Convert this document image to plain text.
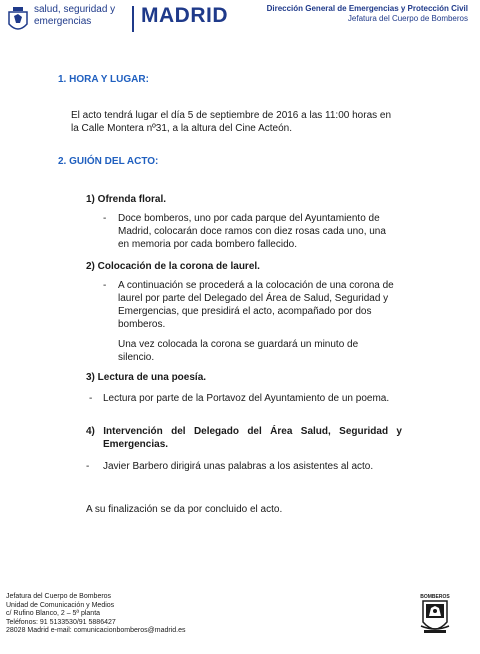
salud, seguridad y
emergencias	MADRID	Dirección General de Emergencias y Protección Civil
Jefatura del Cuerpo de Bomberos
1. HORA Y LUGAR:
El acto tendrá lugar el día 5 de septiembre de 2016 a las 11:00 horas en
la Calle Montera nº31, a la altura del Cine Acteón.
2. GUIÓN DEL ACTO:
1) Ofrenda floral.
- Doce bomberos, uno por cada parque del Ayuntamiento de
Madrid, colocarán doce ramos con diez rosas cada uno, una
en memoria por cada bombero fallecido.
2) Colocación de la corona de laurel.
- A continuación se procederá a la colocación de una corona de
laurel por parte del Delegado del Área de Salud, Seguridad y
Emergencias, que presidirá el acto, acompañado por dos
bomberos.
Una vez colocada la corona se guardará un minuto de
silencio.
3) Lectura de una poesía.
- Lectura por parte de la Portavoz del Ayuntamiento de un poema.
4) Intervención del Delegado del Área Salud, Seguridad y
Emergencias.
- Javier Barbero dirigirá unas palabras a los asistentes al acto.
A su finalización se da por concluido el acto.
Jefatura del Cuerpo de Bomberos
Unidad de Comunicación y Medios
c/ Rufino Blanco, 2 – 5ª planta
Teléfonos: 91 5133530/91 5886427
28028 Madrid e-mail: comunicacionbomberos@madrid.es
BOMBEROS
